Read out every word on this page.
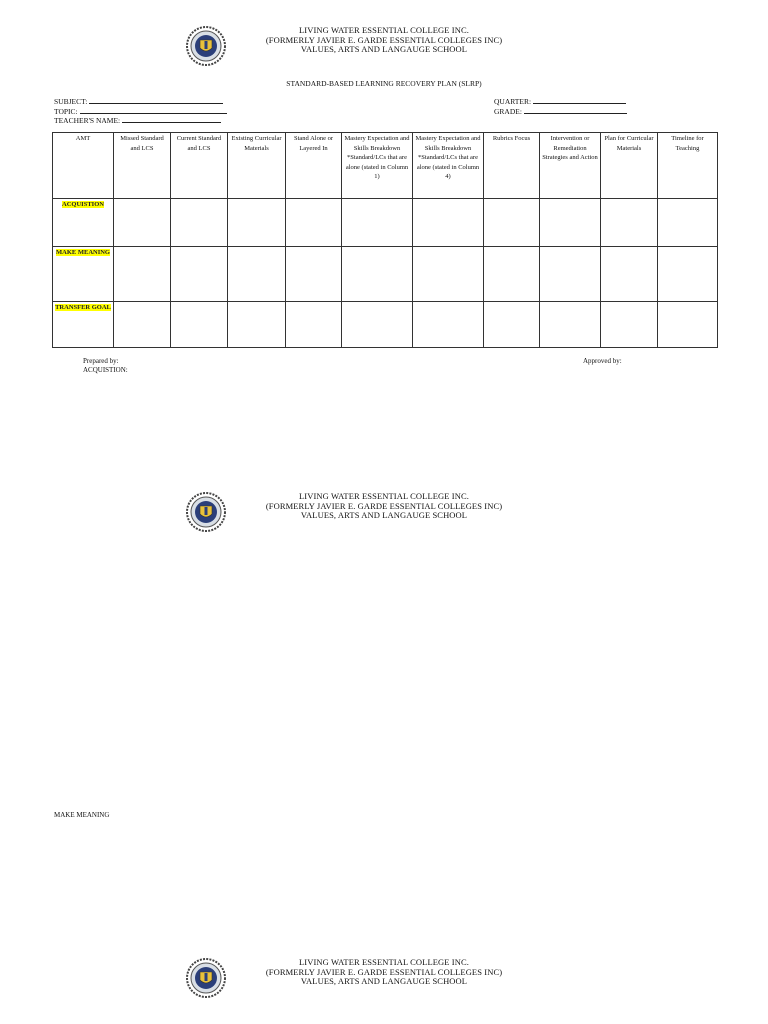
LIVING WATER ESSENTIAL COLLEGE INC.
(FORMERLY JAVIER E. GARDE ESSENTIAL COLLEGES INC)
VALUES, ARTS AND LANGAUGE SCHOOL
STANDARD-BASED LEARNING RECOVERY PLAN (SLRP)
SUBJECT:
TOPIC:
TEACHER'S NAME:
QUARTER:
GRADE:
AMT	Missed Standard and LCS	Current Standard and LCS	Existing Curricular Materials	Stand Alone or Layered In	Mastery Expectation and Skills Breakdown *Standard/LCs that are alone (stated in Column 1)	Mastery Expectation and Skills Breakdown *Standard/LCs that are alone (stated in Column 4)	Rubrics Focus	Intervention or Remediation Strategies and Action	Plan for Curricular Materials	Timeline for Teaching
ACQUISTION										
MAKE MEANING										
TRANSFER GOAL										
Prepared by:
ACQUISTION:
Approved by:
LIVING WATER ESSENTIAL COLLEGE INC.
(FORMERLY JAVIER E. GARDE ESSENTIAL COLLEGES INC)
VALUES, ARTS AND LANGAUGE SCHOOL
MAKE MEANING
LIVING WATER ESSENTIAL COLLEGE INC.
(FORMERLY JAVIER E. GARDE ESSENTIAL COLLEGES INC)
VALUES, ARTS AND LANGAUGE SCHOOL
